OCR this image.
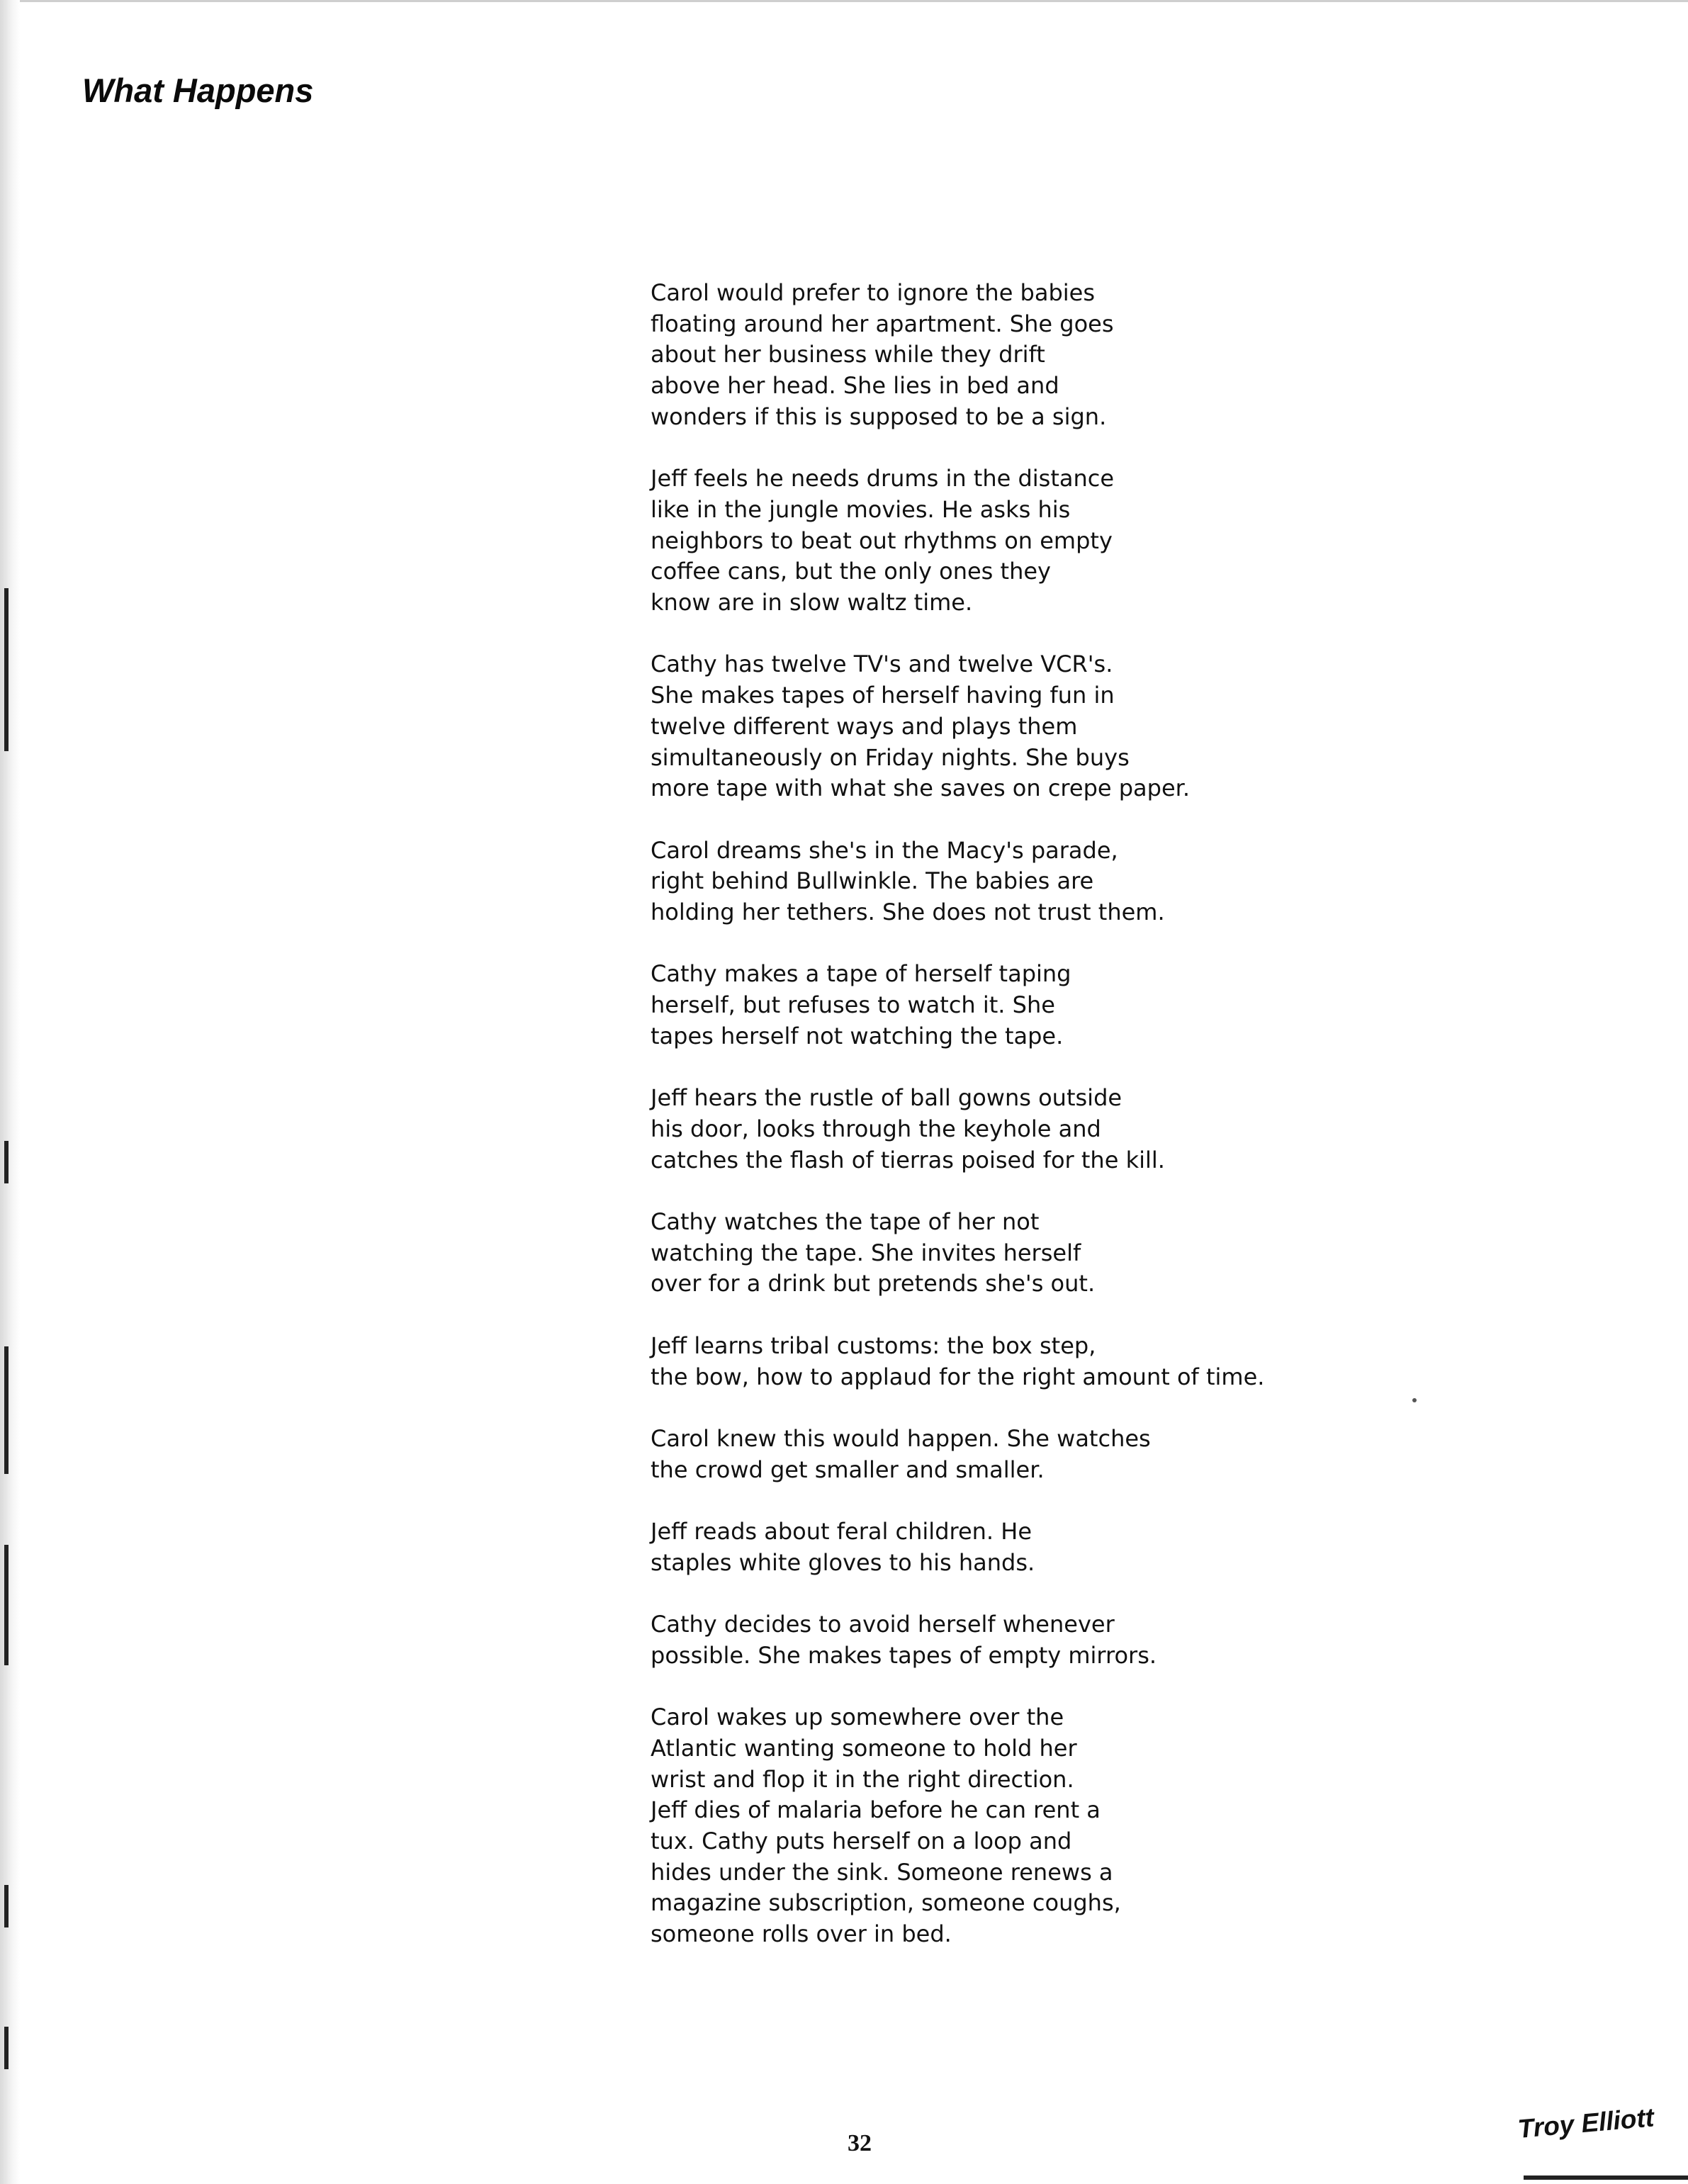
What Happens

Carol would prefer to ignore the babies
floating around her apartment. She goes
about her business while they drift
above her head. She lies in bed and
wonders if this is supposed to be a sign.

Jeff feels he needs drums in the distance
like in the jungle movies. He asks his
neighbors to beat out rhythms on empty
coffee cans, but the only ones they
know are in slow waltz time.

Cathy has twelve TV's and twelve VCR's.
She makes tapes of herself having fun in
twelve different ways and plays them
simultaneously on Friday nights. She buys
more tape with what she saves on crepe paper.

Carol dreams she's in the Macy's parade,
right behind Bullwinkle. The babies are
holding her tethers. She does not trust them.

Cathy makes a tape of herself taping
herself, but refuses to watch it. She
tapes herself not watching the tape.

Jeff hears the rustle of ball gowns outside
his door, looks through the keyhole and
catches the flash of tierras poised for the kill.

Cathy watches the tape of her not
watching the tape. She invites herself
over for a drink but pretends she's out.

Jeff learns tribal customs: the box step,
the bow, how to applaud for the right amount of time.

Carol knew this would happen. She watches
the crowd get smaller and smaller.

Jeff reads about feral children. He
staples white gloves to his hands.

Cathy decides to avoid herself whenever
possible. She makes tapes of empty mirrors.

Carol wakes up somewhere over the
Atlantic wanting someone to hold her
wrist and flop it in the right direction.
Jeff dies of malaria before he can rent a
tux. Cathy puts herself on a loop and
hides under the sink. Someone renews a
magazine subscription, someone coughs,
someone rolls over in bed.

32	Troy Elliott
